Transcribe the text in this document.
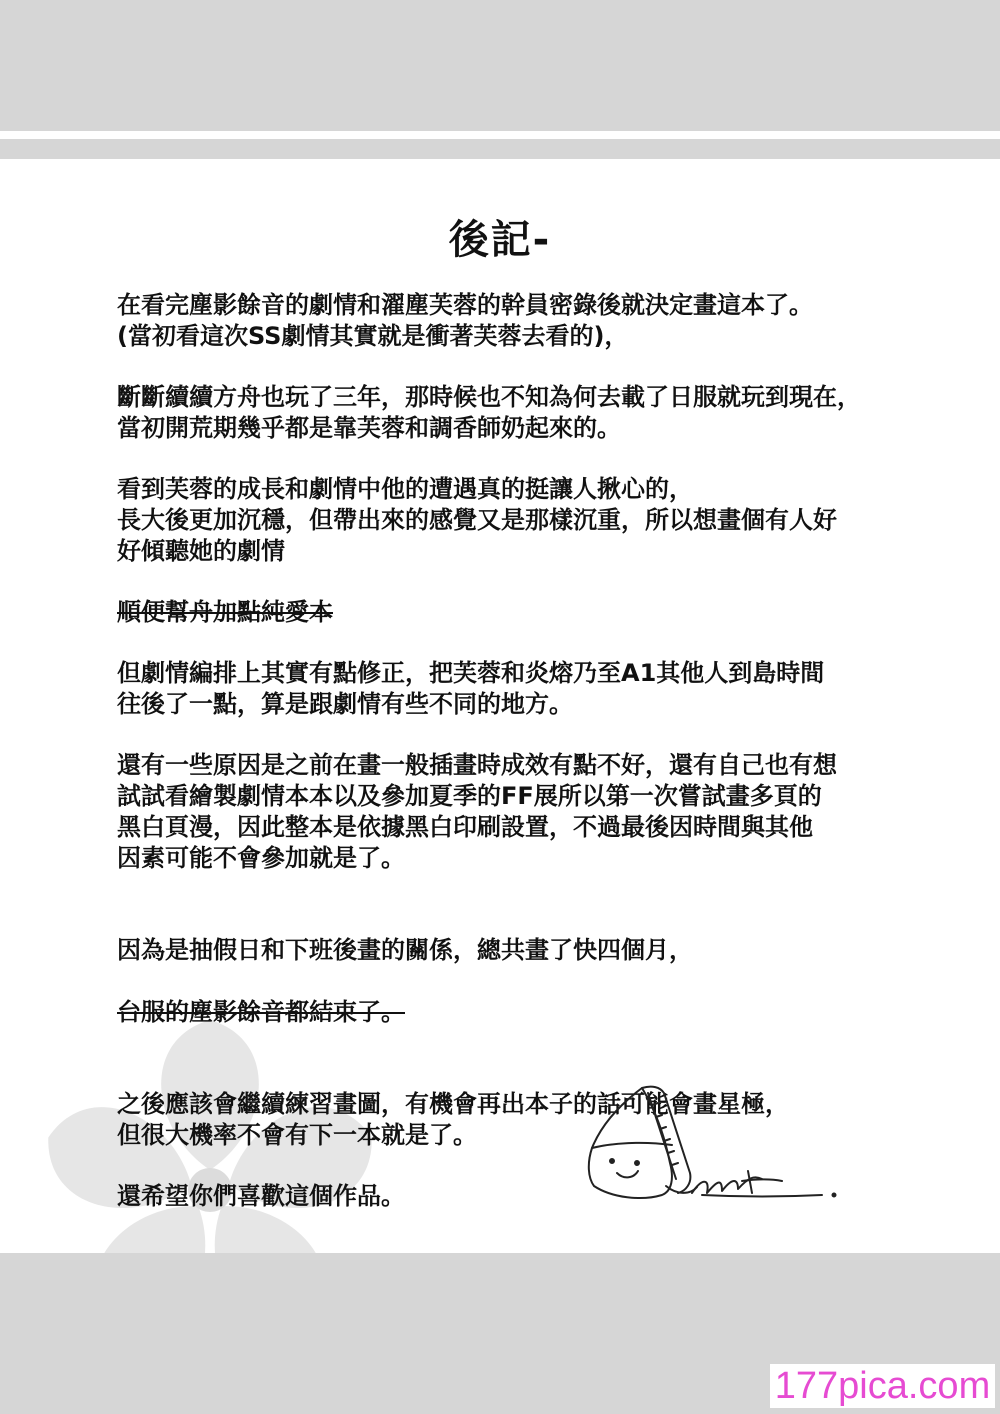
後記-

在看完塵影餘音的劇情和濯塵芙蓉的幹員密錄後就決定畫這本了。
(當初看這次SS劇情其實就是衝著芙蓉去看的)，

斷斷續續方舟也玩了三年，那時候也不知為何去載了日服就玩到現在，
當初開荒期幾乎都是靠芙蓉和調香師奶起來的。

看到芙蓉的成長和劇情中他的遭遇真的挺讓人揪心的，
長大後更加沉穩，但帶出來的感覺又是那樣沉重，所以想畫個有人好
好傾聽她的劇情

順便幫舟加點純愛本

但劇情編排上其實有點修正，把芙蓉和炎熔乃至A1其他人到島時間
往後了一點，算是跟劇情有些不同的地方。

還有一些原因是之前在畫一般插畫時成效有點不好，還有自己也有想
試試看繪製劇情本本以及參加夏季的FF展所以第一次嘗試畫多頁的
黑白頁漫，因此整本是依據黑白印刷設置，不過最後因時間與其他
因素可能不會參加就是了。

因為是抽假日和下班後畫的關係，總共畫了快四個月，

台服的塵影餘音都結束了。

之後應該會繼續練習畫圖，有機會再出本子的話可能會畫星極，
但很大機率不會有下一本就是了。

還希望你們喜歡這個作品。

177pica.com
